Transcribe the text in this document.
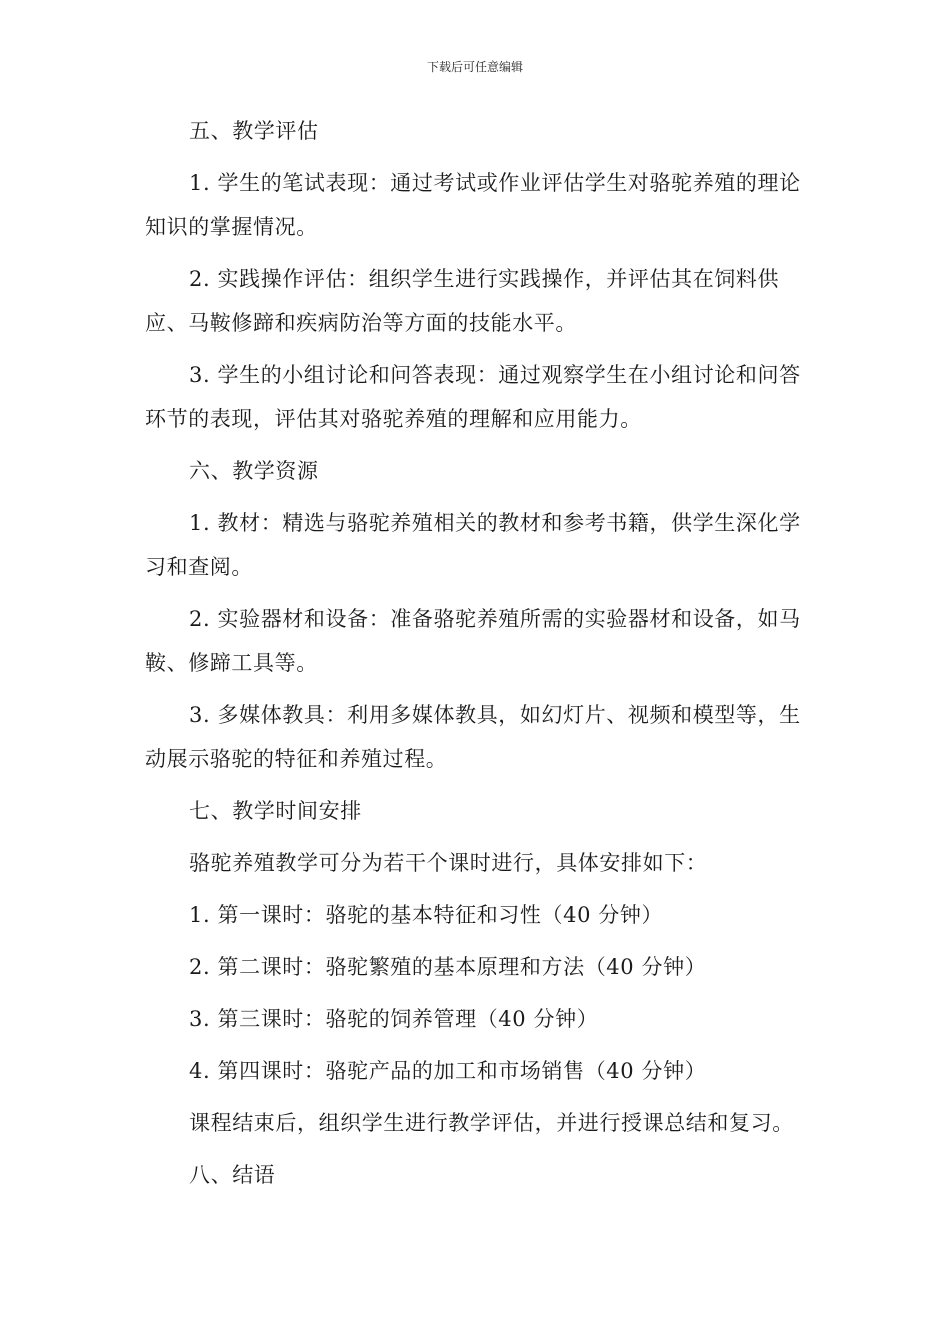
下载后可任意编辑

五、教学评估

1. 学生的笔试表现：通过考试或作业评估学生对骆驼养殖的理论知识的掌握情况。

2. 实践操作评估：组织学生进行实践操作，并评估其在饲料供应、马鞍修蹄和疾病防治等方面的技能水平。

3. 学生的小组讨论和问答表现：通过观察学生在小组讨论和问答环节的表现，评估其对骆驼养殖的理解和应用能力。

六、教学资源

1. 教材：精选与骆驼养殖相关的教材和参考书籍，供学生深化学习和查阅。

2. 实验器材和设备：准备骆驼养殖所需的实验器材和设备，如马鞍、修蹄工具等。

3. 多媒体教具：利用多媒体教具，如幻灯片、视频和模型等，生动展示骆驼的特征和养殖过程。

七、教学时间安排

骆驼养殖教学可分为若干个课时进行，具体安排如下：

1. 第一课时：骆驼的基本特征和习性（40 分钟）

2. 第二课时：骆驼繁殖的基本原理和方法（40 分钟）

3. 第三课时：骆驼的饲养管理（40 分钟）

4. 第四课时：骆驼产品的加工和市场销售（40 分钟）

课程结束后，组织学生进行教学评估，并进行授课总结和复习。

八、结语
